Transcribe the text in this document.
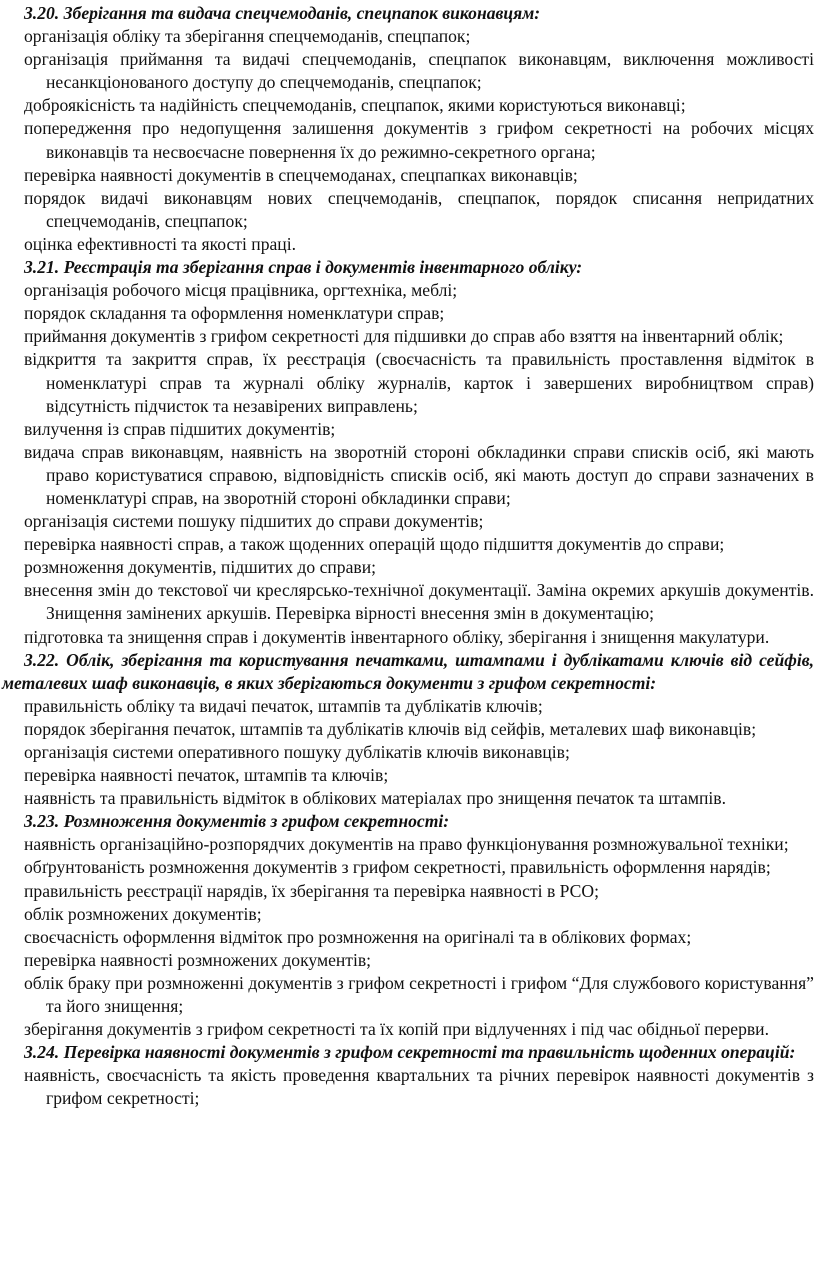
3.20. Зберігання та видача спецчемоданів, спецпапок виконавцям:
організація обліку та зберігання спецчемоданів, спецпапок;
організація приймання та видачі спецчемоданів, спецпапок виконавцям, виключення можливості несанкціонованого доступу до спецчемоданів, спецпапок;
доброякісність та надійність спецчемоданів, спецпапок, якими користуються виконавці;
попередження про недопущення залишення документів з грифом секретності на робочих місцях виконавців та несвоєчасне повернення їх до режимно-секретного органа;
перевірка наявності документів в спецчемоданах, спецпапках виконавців;
порядок видачі виконавцям нових спецчемоданів, спецпапок, порядок списання непридатних спецчемоданів, спецпапок;
оцінка ефективності та якості праці.
3.21. Реєстрація та зберігання справ і документів інвентарного обліку:
організація робочого місця працівника, оргтехніка, меблі;
порядок складання та оформлення номенклатури справ;
приймання документів з грифом секретності для підшивки до справ або взяття на інвентарний облік;
відкриття та закриття справ, їх реєстрація (своєчасність та правильність проставлення відміток в номенклатурі справ та журналі обліку журналів, карток і завершених виробництвом справ) відсутність підчисток та незавірених виправлень;
вилучення із справ підшитих документів;
видача справ виконавцям, наявність на зворотній стороні обкладинки справи списків осіб, які мають право користуватися справою, відповідність списків осіб, які мають доступ до справи зазначених в номенклатурі справ, на зворотній стороні обкладинки справи;
організація системи пошуку підшитих до справи документів;
перевірка наявності справ, а також щоденних операцій щодо підшиття документів до справи;
розмноження документів, підшитих до справи;
внесення змін до текстової чи креслярсько-технічної документації. Заміна окремих аркушів документів. Знищення замінених аркушів. Перевірка вірності внесення змін в документацію;
підготовка та знищення справ і документів інвентарного обліку, зберігання і знищення макулатури.
3.22. Облік, зберігання та користування печатками, штампами і дублікатами ключів від сейфів, металевих шаф виконавців, в яких зберігаються документи з грифом секретності:
правильність обліку та видачі печаток, штампів та дублікатів ключів;
порядок зберігання печаток, штампів та дублікатів ключів від сейфів, металевих шаф виконавців;
організація системи оперативного пошуку дублікатів ключів виконавців;
перевірка наявності печаток, штампів та ключів;
наявність та правильність відміток в облікових матеріалах про знищення печаток та штампів.
3.23. Розмноження документів з грифом секретності:
наявність організаційно-розпорядчих документів на право функціонування розмножувальної техніки;
обґрунтованість розмноження документів з грифом секретності, правильність оформлення нарядів;
правильність реєстрації нарядів, їх зберігання та перевірка наявності в РСО;
облік розмножених документів;
своєчасність оформлення відміток про розмноження на оригіналі та в облікових формах;
перевірка наявності розмножених документів;
облік браку при розмноженні документів з грифом секретності і грифом “Для службового користування” та його знищення;
зберігання документів з грифом секретності та їх копій при відлученнях і під час обідньої перерви.
3.24. Перевірка наявності документів з грифом секретності та правильність щоденних операцій:
наявність, своєчасність та якість проведення квартальних та річних перевірок наявності документів з грифом секретності;
